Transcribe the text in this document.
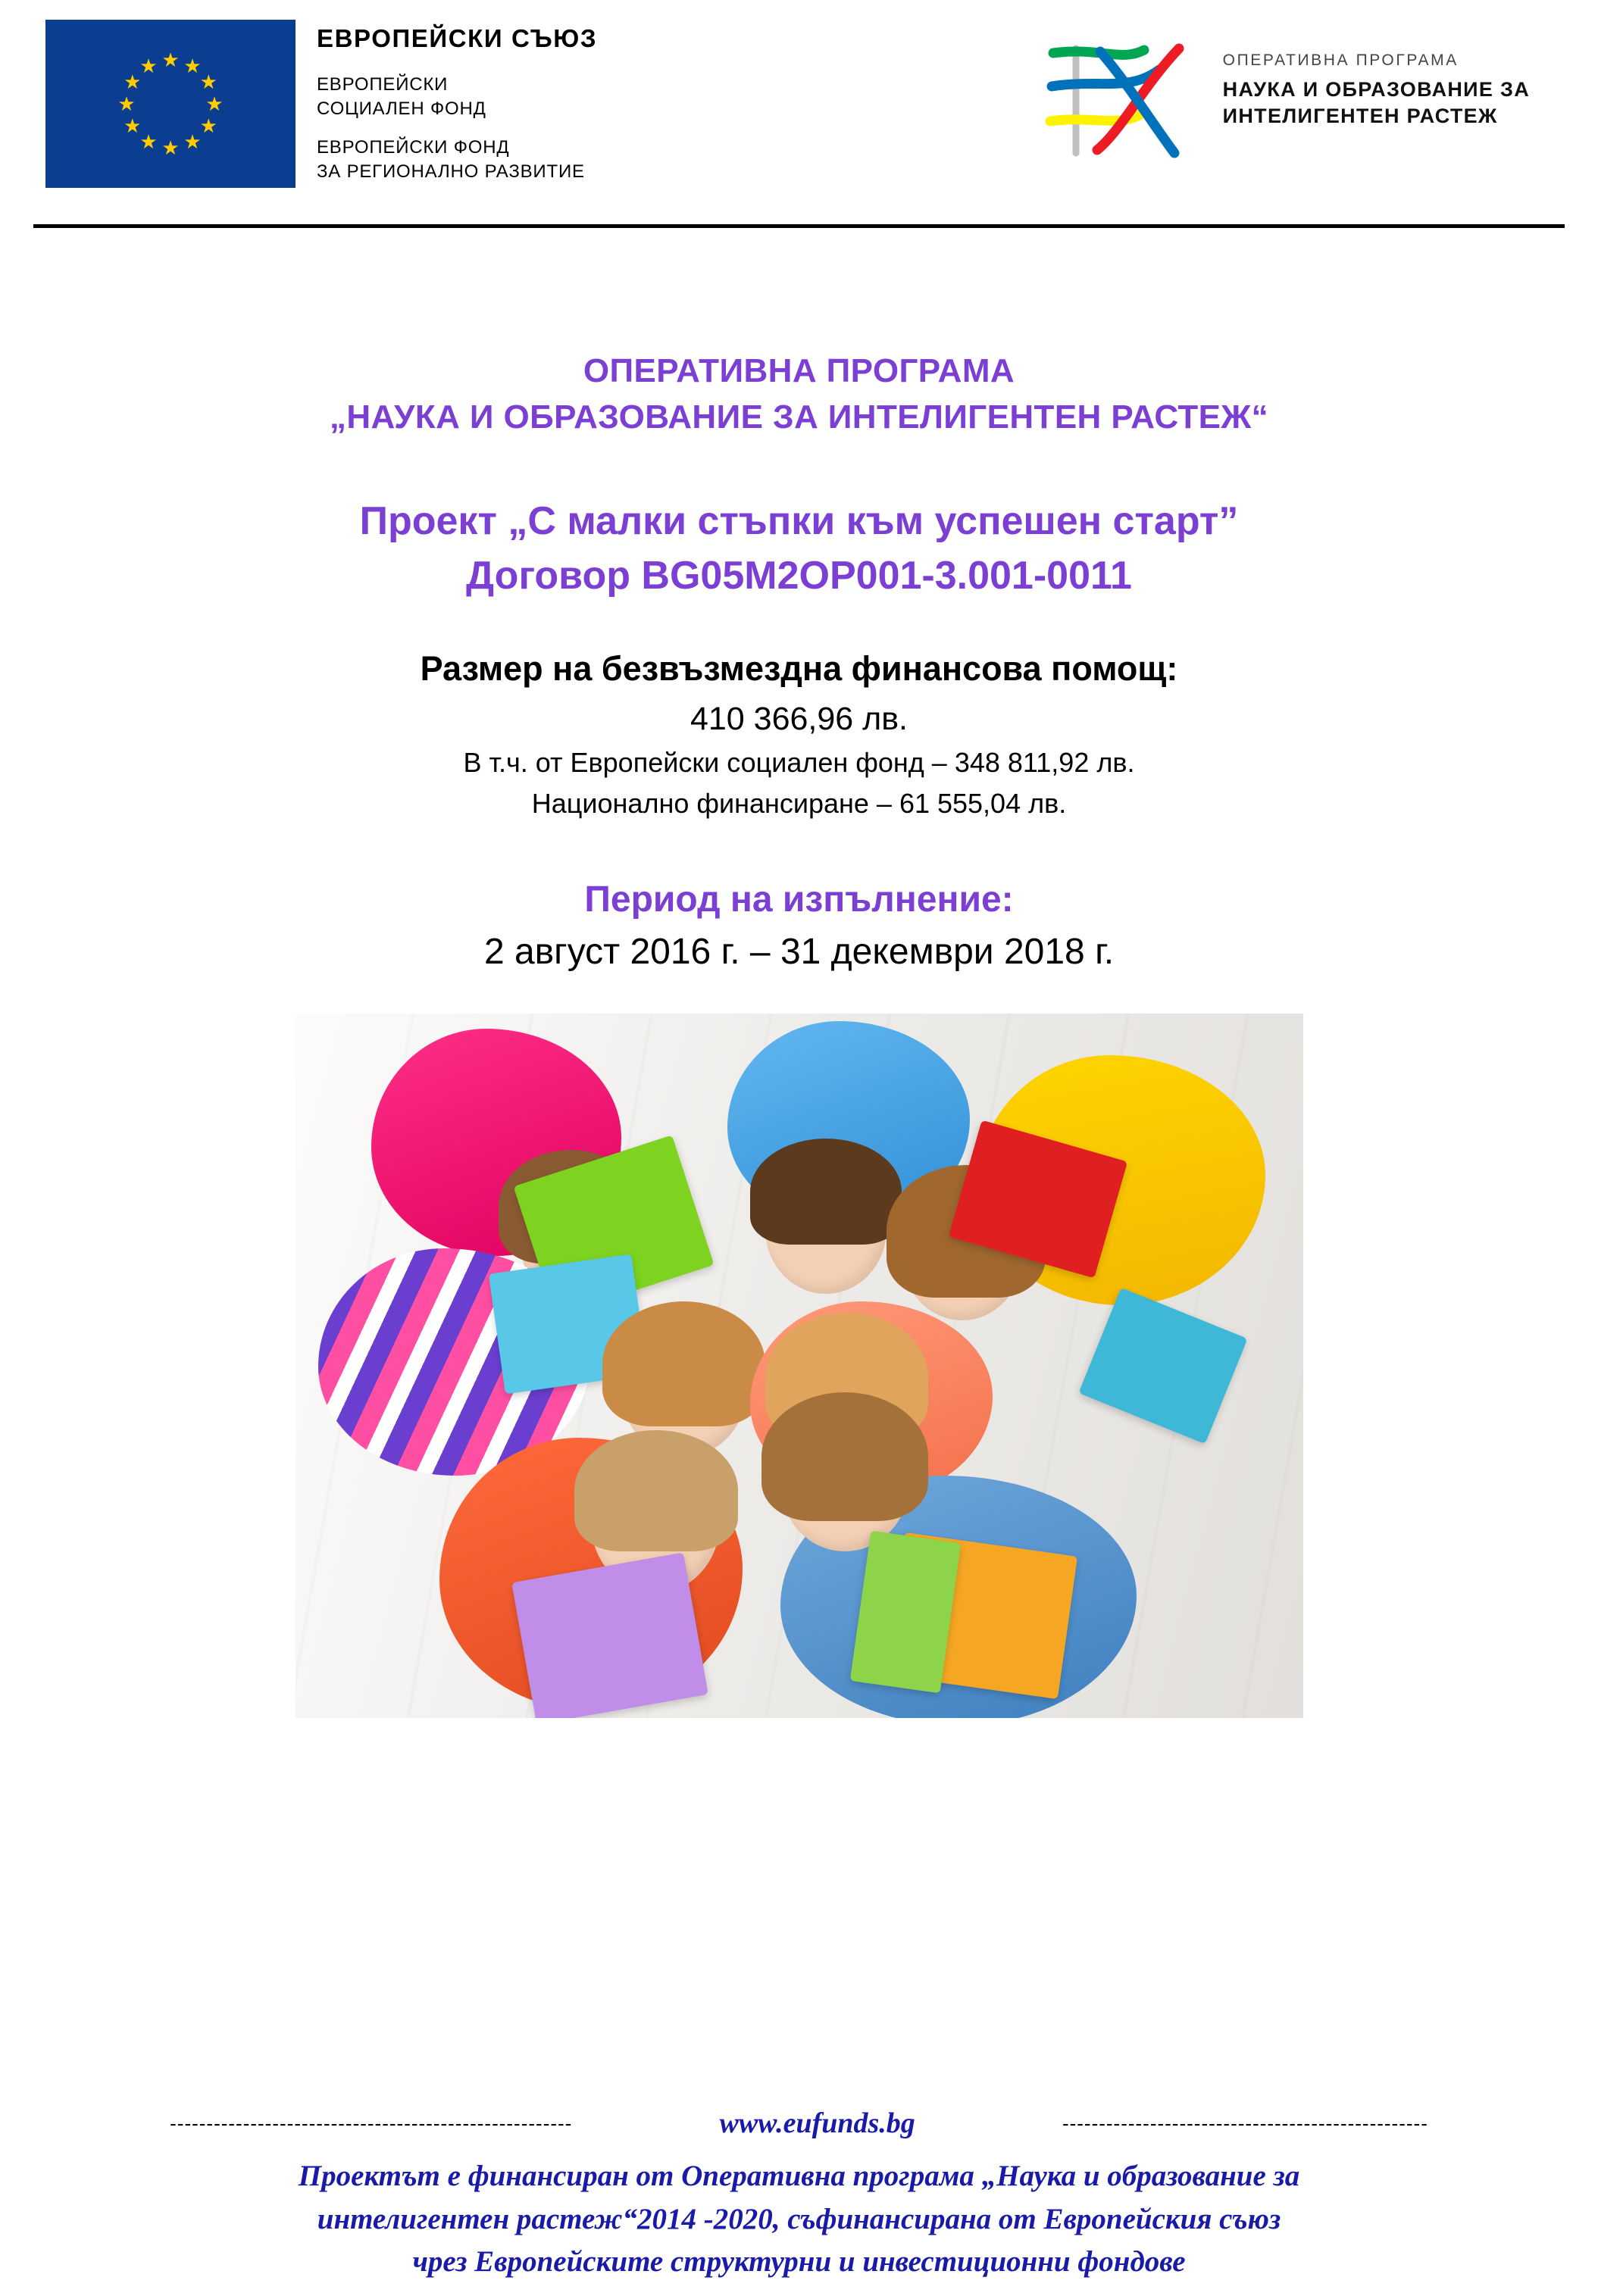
★ ★
★
★
★
★
★
★
★
★
★
★
ЕВРОПЕЙСКИ СЪЮЗ
ЕВРОПЕЙСКИ
СОЦИАЛЕН ФОНД
ЕВРОПЕЙСКИ ФОНД
ЗА РЕГИОНАЛНО РАЗВИТИЕ
ОПЕРАТИВНА ПРОГРАМА
НАУКА И ОБРАЗОВАНИЕ ЗА
ИНТЕЛИГЕНТЕН РАСТЕЖ
ОПЕРАТИВНА ПРОГРАМА
„НАУКА И ОБРАЗОВАНИЕ ЗА ИНТЕЛИГЕНТЕН РАСТЕЖ“
Проект „С малки стъпки към успешен старт”
Договор BG05M2OP001-3.001-0011
Размер на безвъзмездна финансова помощ:
410 366,96 лв.
В т.ч. от Европейски социален фонд – 348 811,92 лв.
Национално финансиране – 61 555,04 лв.
Период на изпълнение:
2 август 2016 г. – 31 декември 2018 г.
-------------------------------------------------------	www.eufunds.bg	--------------------------------------------------
Проектът е финансиран от Оперативна програма „Наука и образование за
интелигентен растеж“2014 -2020, съфинансирана от Европейския съюз
чрез Европейските структурни и инвестиционни фондове
